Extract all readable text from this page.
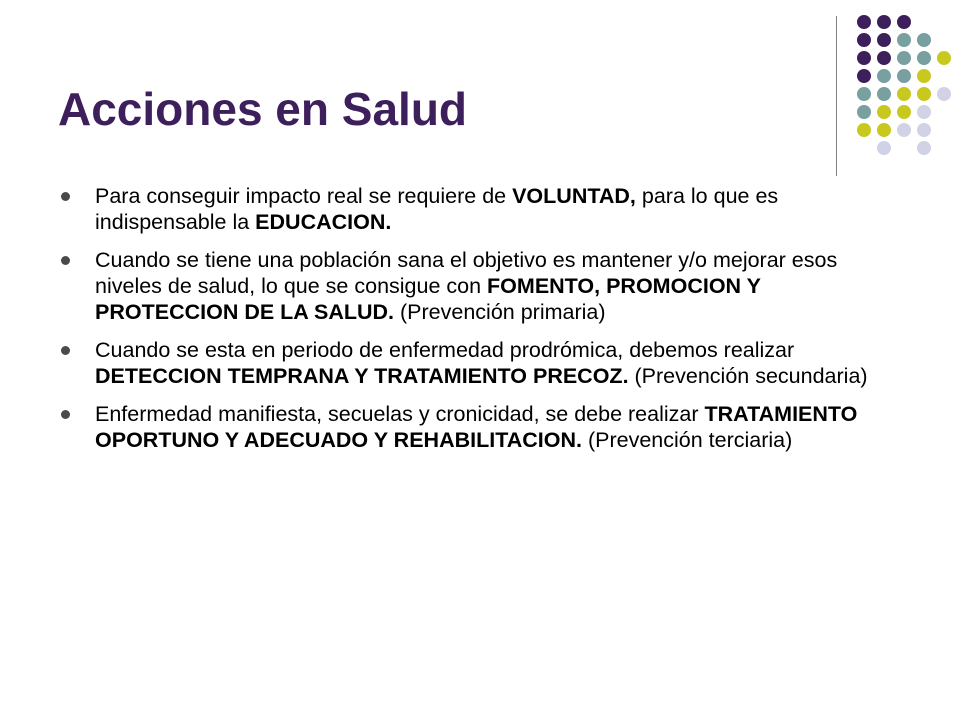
Acciones en Salud
Para conseguir impacto real se requiere de VOLUNTAD, para lo que es indispensable la EDUCACION.
Cuando se tiene una población sana el objetivo es mantener y/o mejorar esos niveles de salud, lo que se consigue con FOMENTO, PROMOCION Y PROTECCION DE LA SALUD. (Prevención primaria)
Cuando se esta en periodo de enfermedad prodrómica, debemos realizar DETECCION TEMPRANA Y TRATAMIENTO PRECOZ. (Prevención secundaria)
Enfermedad manifiesta, secuelas y cronicidad, se debe realizar TRATAMIENTO OPORTUNO Y ADECUADO Y REHABILITACION. (Prevención terciaria)
